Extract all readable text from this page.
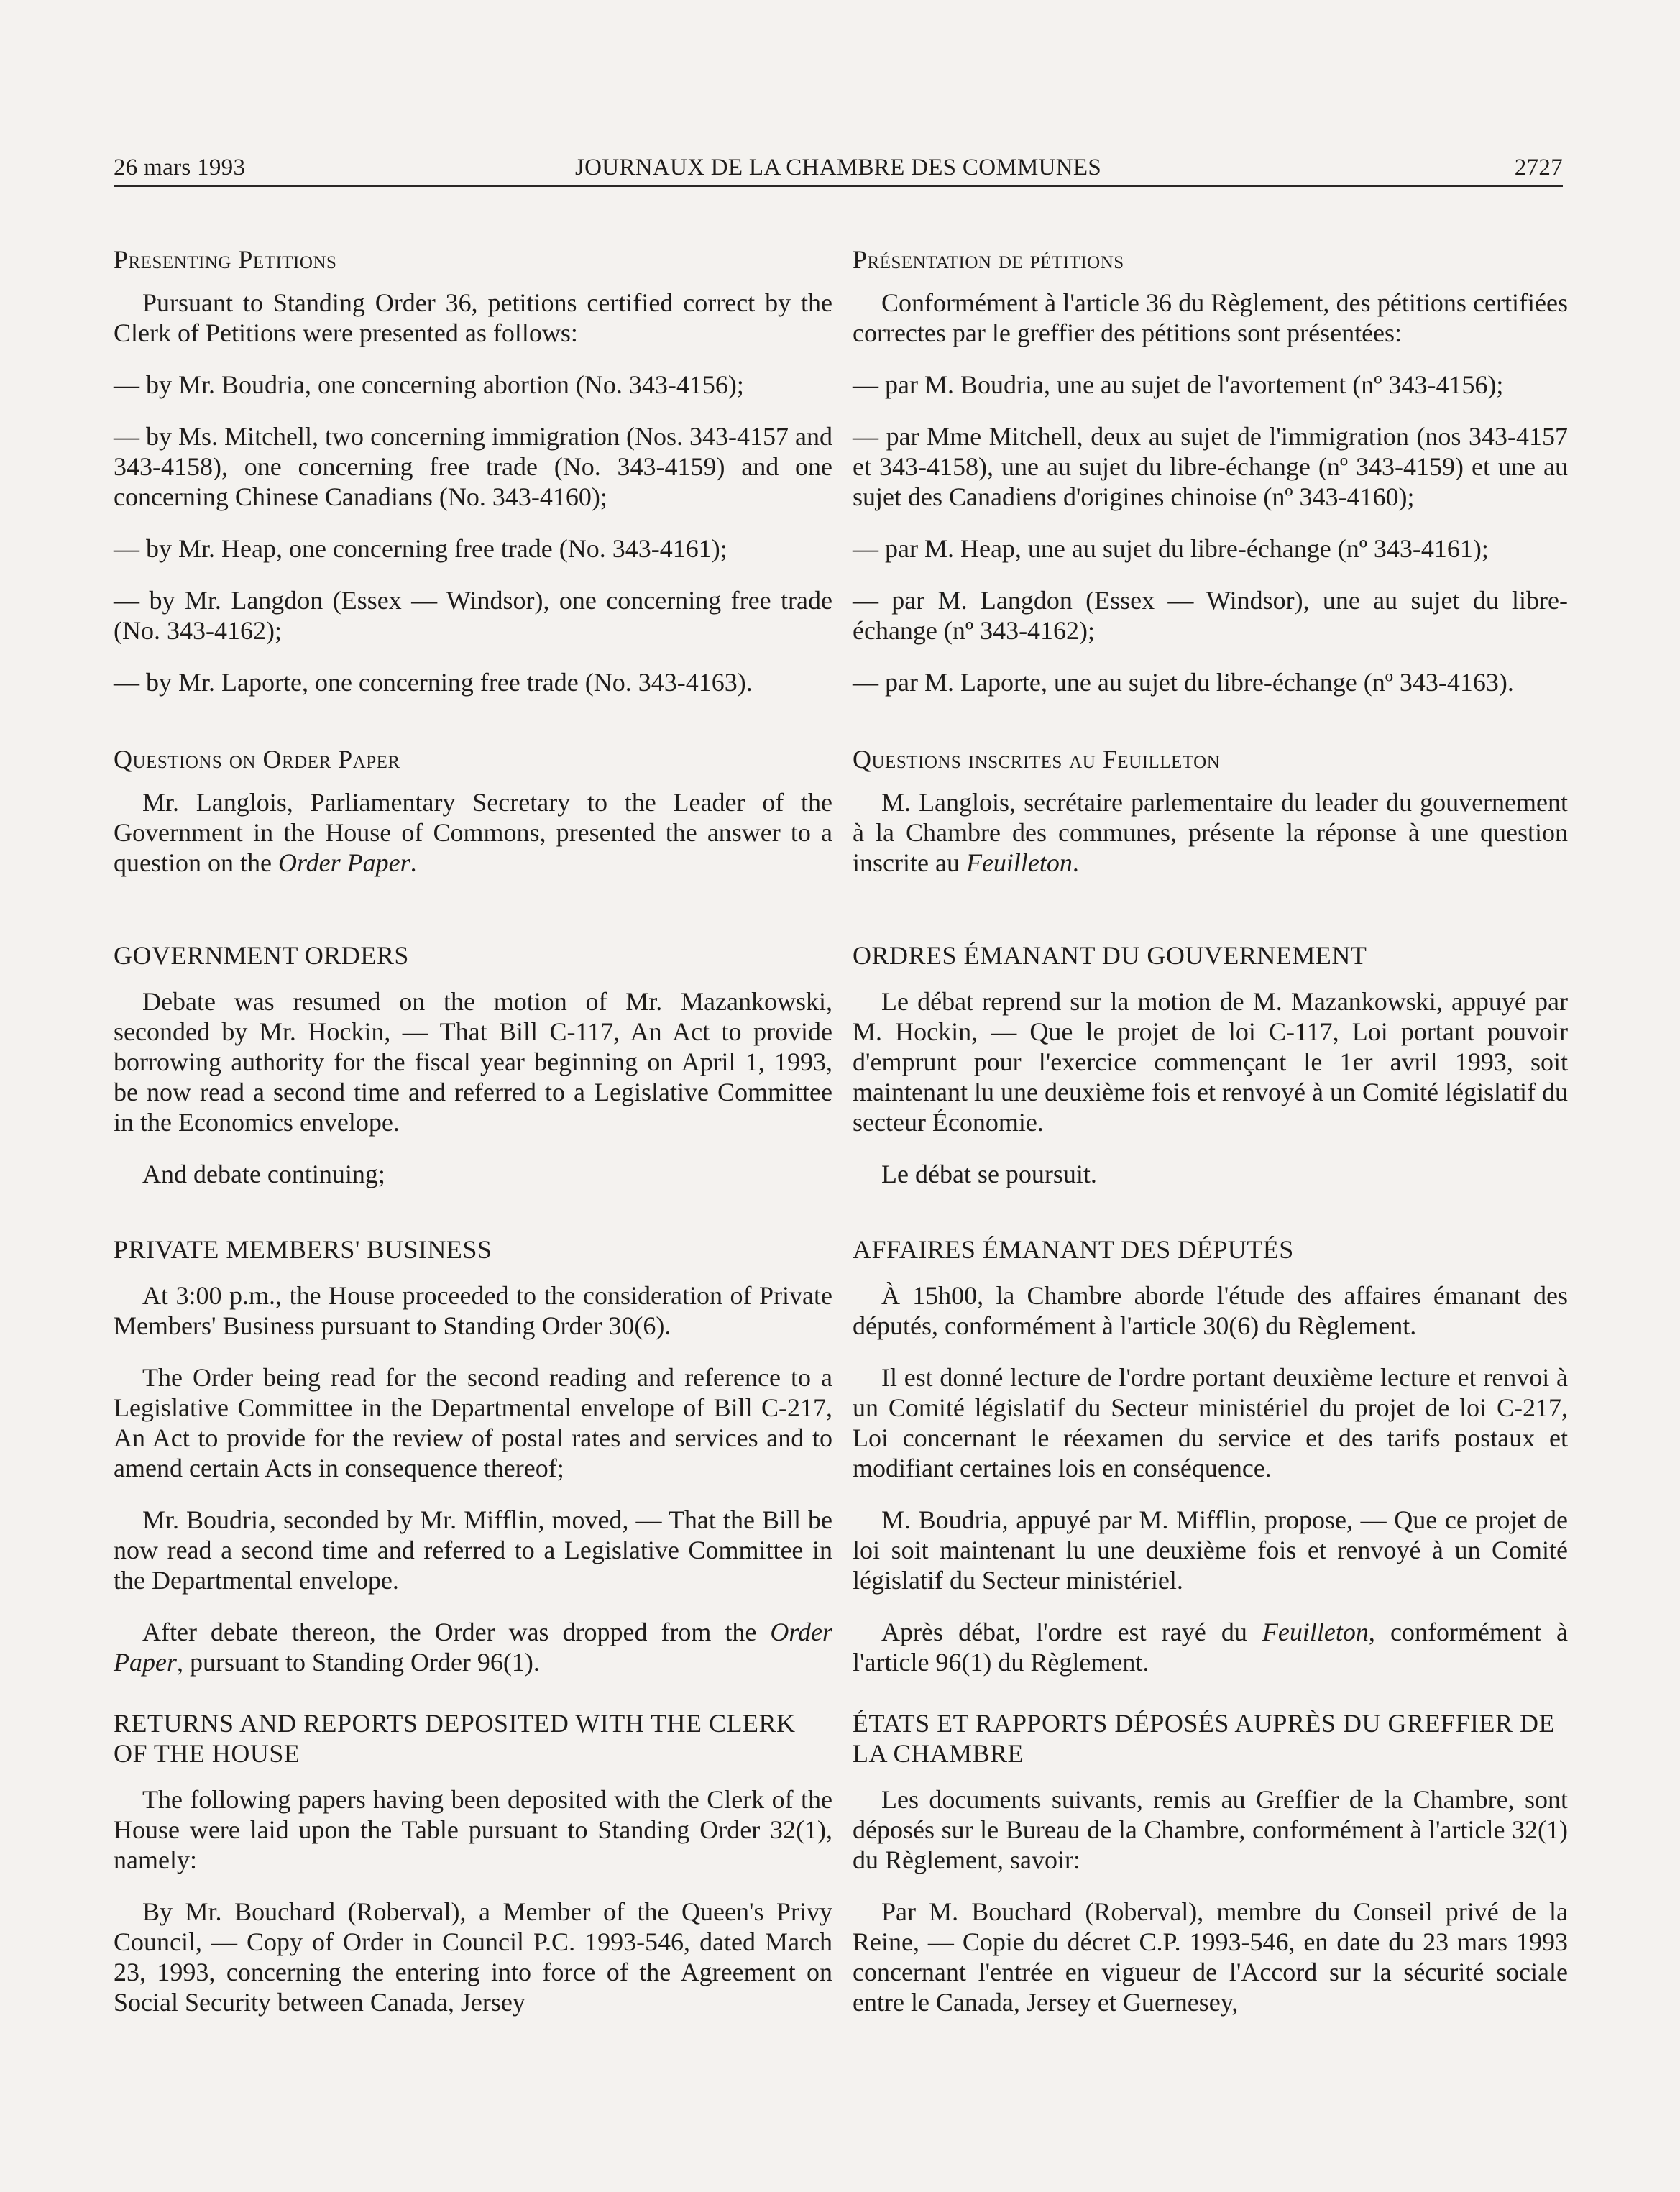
26 mars 1993	JOURNAUX DE LA CHAMBRE DES COMMUNES	2727
Presenting Petitions
Pursuant to Standing Order 36, petitions certified correct by the Clerk of Petitions were presented as follows:
— by Mr. Boudria, one concerning abortion (No. 343-4156);
— by Ms. Mitchell, two concerning immigration (Nos. 343-4157 and 343-4158), one concerning free trade (No. 343-4159) and one concerning Chinese Canadians (No. 343-4160);
— by Mr. Heap, one concerning free trade (No. 343-4161);
— by Mr. Langdon (Essex — Windsor), one concerning free trade (No. 343-4162);
— by Mr. Laporte, one concerning free trade (No. 343-4163).
Questions on Order Paper
Mr. Langlois, Parliamentary Secretary to the Leader of the Government in the House of Commons, presented the answer to a question on the Order Paper.
GOVERNMENT ORDERS
Debate was resumed on the motion of Mr. Mazankowski, seconded by Mr. Hockin, — That Bill C-117, An Act to provide borrowing authority for the fiscal year beginning on April 1, 1993, be now read a second time and referred to a Legislative Committee in the Economics envelope.
And debate continuing;
PRIVATE MEMBERS' BUSINESS
At 3:00 p.m., the House proceeded to the consideration of Private Members' Business pursuant to Standing Order 30(6).
The Order being read for the second reading and reference to a Legislative Committee in the Departmental envelope of Bill C-217, An Act to provide for the review of postal rates and services and to amend certain Acts in consequence thereof;
Mr. Boudria, seconded by Mr. Mifflin, moved, — That the Bill be now read a second time and referred to a Legislative Committee in the Departmental envelope.
After debate thereon, the Order was dropped from the Order Paper, pursuant to Standing Order 96(1).
RETURNS AND REPORTS DEPOSITED WITH THE CLERK OF THE HOUSE
The following papers having been deposited with the Clerk of the House were laid upon the Table pursuant to Standing Order 32(1), namely:
By Mr. Bouchard (Roberval), a Member of the Queen's Privy Council, — Copy of Order in Council P.C. 1993-546, dated March 23, 1993, concerning the entering into force of the Agreement on Social Security between Canada, Jersey
Présentation de pétitions
Conformément à l'article 36 du Règlement, des pétitions certifiées correctes par le greffier des pétitions sont présentées:
— par M. Boudria, une au sujet de l'avortement (nº 343-4156);
— par Mme Mitchell, deux au sujet de l'immigration (nos 343-4157 et 343-4158), une au sujet du libre-échange (nº 343-4159) et une au sujet des Canadiens d'origines chinoise (nº 343-4160);
— par M. Heap, une au sujet du libre-échange (nº 343-4161);
— par M. Langdon (Essex — Windsor), une au sujet du libre-échange (nº 343-4162);
— par M. Laporte, une au sujet du libre-échange (nº 343-4163).
Questions inscrites au Feuilleton
M. Langlois, secrétaire parlementaire du leader du gouvernement à la Chambre des communes, présente la réponse à une question inscrite au Feuilleton.
ORDRES ÉMANANT DU GOUVERNEMENT
Le débat reprend sur la motion de M. Mazankowski, appuyé par M. Hockin, — Que le projet de loi C-117, Loi portant pouvoir d'emprunt pour l'exercice commençant le 1er avril 1993, soit maintenant lu une deuxième fois et renvoyé à un Comité législatif du secteur Économie.
Le débat se poursuit.
AFFAIRES ÉMANANT DES DÉPUTÉS
À 15h00, la Chambre aborde l'étude des affaires émanant des députés, conformément à l'article 30(6) du Règlement.
Il est donné lecture de l'ordre portant deuxième lecture et renvoi à un Comité législatif du Secteur ministériel du projet de loi C-217, Loi concernant le réexamen du service et des tarifs postaux et modifiant certaines lois en conséquence.
M. Boudria, appuyé par M. Mifflin, propose, — Que ce projet de loi soit maintenant lu une deuxième fois et renvoyé à un Comité législatif du Secteur ministériel.
Après débat, l'ordre est rayé du Feuilleton, conformément à l'article 96(1) du Règlement.
ÉTATS ET RAPPORTS DÉPOSÉS AUPRÈS DU GREFFIER DE LA CHAMBRE
Les documents suivants, remis au Greffier de la Chambre, sont déposés sur le Bureau de la Chambre, conformément à l'article 32(1) du Règlement, savoir:
Par M. Bouchard (Roberval), membre du Conseil privé de la Reine, — Copie du décret C.P. 1993-546, en date du 23 mars 1993 concernant l'entrée en vigueur de l'Accord sur la sécurité sociale entre le Canada, Jersey et Guernesey,
